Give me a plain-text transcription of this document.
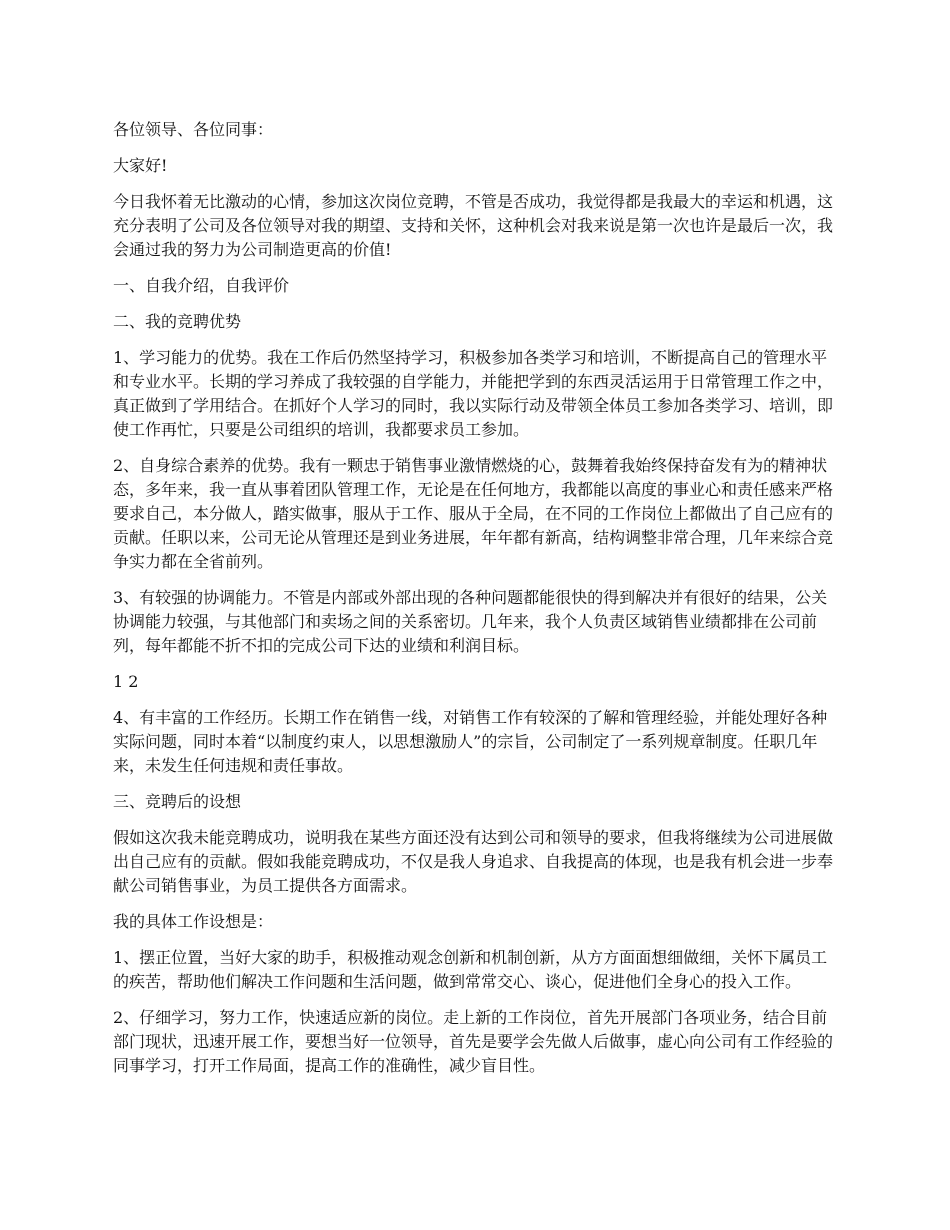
各位领导、各位同事：

大家好!

今日我怀着无比激动的心情，参加这次岗位竞聘，不管是否成功，我觉得都是我最大的幸运和机遇，这充分表明了公司及各位领导对我的期望、支持和关怀，这种机会对我来说是第一次也许是最后一次，我会通过我的努力为公司制造更高的价值!

一、自我介绍，自我评价

二、我的竞聘优势

1、学习能力的优势。我在工作后仍然坚持学习，积极参加各类学习和培训，不断提高自己的管理水平和专业水平。长期的学习养成了我较强的自学能力，并能把学到的东西灵活运用于日常管理工作之中，真正做到了学用结合。在抓好个人学习的同时，我以实际行动及带领全体员工参加各类学习、培训，即使工作再忙，只要是公司组织的培训，我都要求员工参加。

2、自身综合素养的优势。我有一颗忠于销售事业激情燃烧的心，鼓舞着我始终保持奋发有为的精神状态，多年来，我一直从事着团队管理工作，无论是在任何地方，我都能以高度的事业心和责任感来严格要求自己，本分做人，踏实做事，服从于工作、服从于全局，在不同的工作岗位上都做出了自己应有的贡献。任职以来，公司无论从管理还是到业务进展，年年都有新高，结构调整非常合理，几年来综合竞争实力都在全省前列。

3、有较强的协调能力。不管是内部或外部出现的各种问题都能很快的得到解决并有很好的结果，公关协调能力较强，与其他部门和卖场之间的关系密切。几年来，我个人负责区域销售业绩都排在公司前列，每年都能不折不扣的完成公司下达的业绩和利润目标。

1 2

4、有丰富的工作经历。长期工作在销售一线，对销售工作有较深的了解和管理经验，并能处理好各种实际问题，同时本着“以制度约束人，以思想激励人”的宗旨，公司制定了一系列规章制度。任职几年来，未发生任何违规和责任事故。

三、竞聘后的设想

假如这次我未能竞聘成功，说明我在某些方面还没有达到公司和领导的要求，但我将继续为公司进展做出自己应有的贡献。假如我能竞聘成功，不仅是我人身追求、自我提高的体现，也是我有机会进一步奉献公司销售事业，为员工提供各方面需求。

我的具体工作设想是：

1、摆正位置，当好大家的助手，积极推动观念创新和机制创新，从方方面面想细做细，关怀下属员工的疾苦，帮助他们解决工作问题和生活问题，做到常常交心、谈心，促进他们全身心的投入工作。

2、仔细学习，努力工作，快速适应新的岗位。走上新的工作岗位，首先开展部门各项业务，结合目前部门现状，迅速开展工作，要想当好一位领导，首先是要学会先做人后做事，虚心向公司有工作经验的同事学习，打开工作局面，提高工作的准确性，减少盲目性。
